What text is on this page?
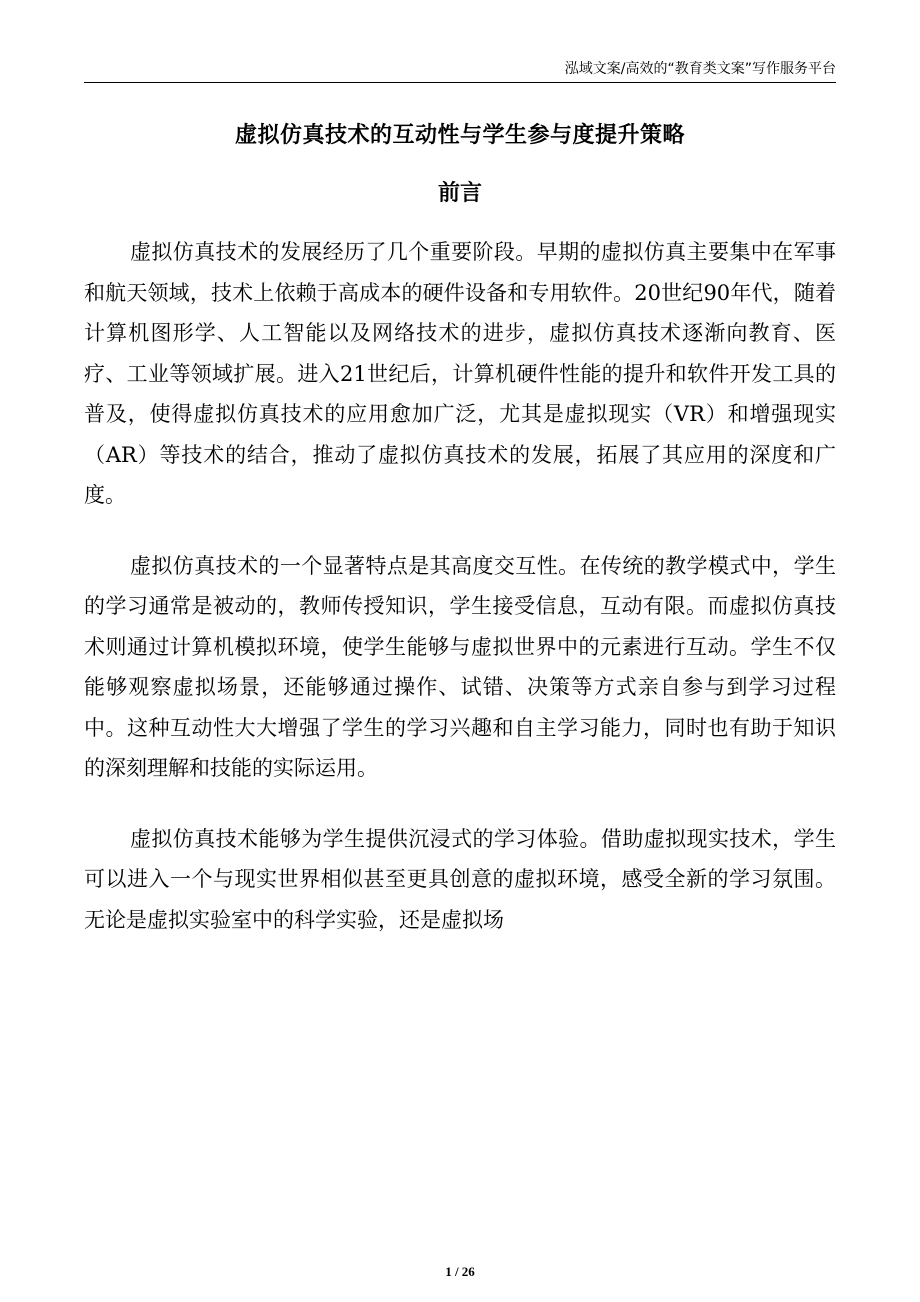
泓域文案/高效的“教育类文案”写作服务平台
虚拟仿真技术的互动性与学生参与度提升策略
前言

虚拟仿真技术的发展经历了几个重要阶段。早期的虚拟仿真主要集中在军事和航天领域，技术上依赖于高成本的硬件设备和专用软件。20世纪90年代，随着计算机图形学、人工智能以及网络技术的进步，虚拟仿真技术逐渐向教育、医疗、工业等领域扩展。进入21世纪后，计算机硬件性能的提升和软件开发工具的普及，使得虚拟仿真技术的应用愈加广泛，尤其是虚拟现实（VR）和增强现实（AR）等技术的结合，推动了虚拟仿真技术的发展，拓展了其应用的深度和广度。

虚拟仿真技术的一个显著特点是其高度交互性。在传统的教学模式中，学生的学习通常是被动的，教师传授知识，学生接受信息，互动有限。而虚拟仿真技术则通过计算机模拟环境，使学生能够与虚拟世界中的元素进行互动。学生不仅能够观察虚拟场景，还能够通过操作、试错、决策等方式亲自参与到学习过程中。这种互动性大大增强了学生的学习兴趣和自主学习能力，同时也有助于知识的深刻理解和技能的实际运用。

虚拟仿真技术能够为学生提供沉浸式的学习体验。借助虚拟现实技术，学生可以进入一个与现实世界相似甚至更具创意的虚拟环境，感受全新的学习氛围。无论是虚拟实验室中的科学实验，还是虚拟场

1 / 26
